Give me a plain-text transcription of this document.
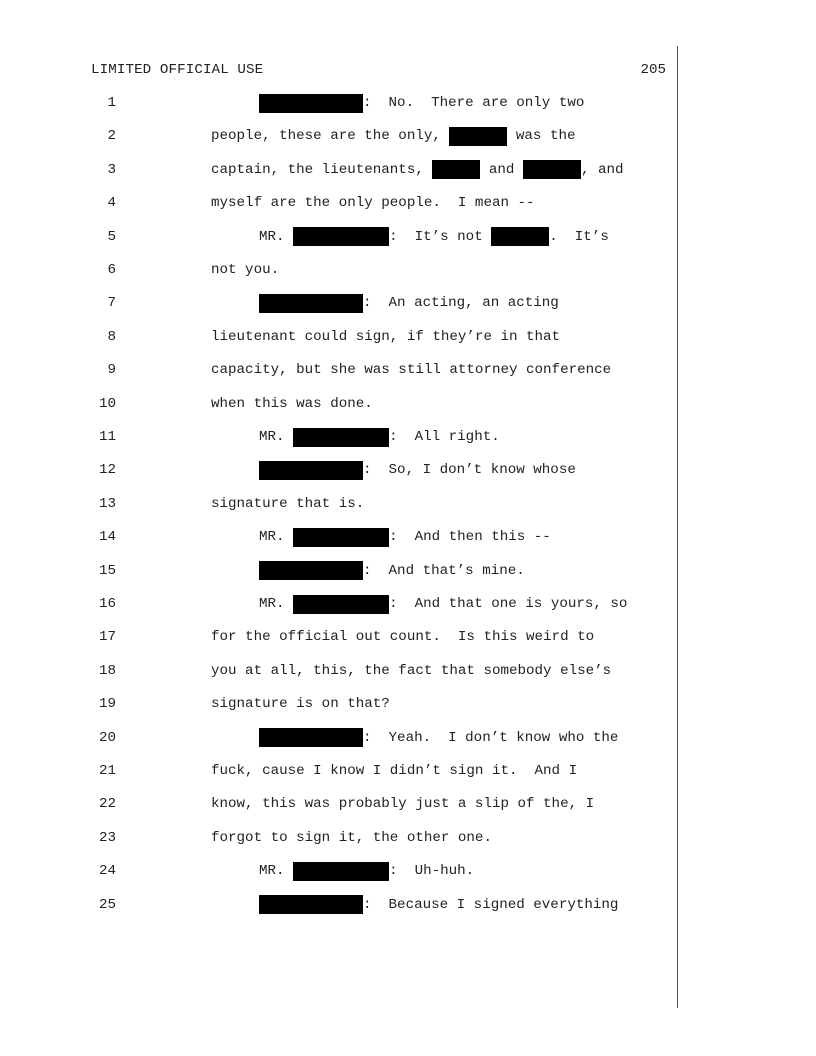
LIMITED OFFICIAL USE	205
1	:  No.  There are only two
2	people, these are the only,	was the
3	captain, the lieutenants,	and	, and
4	myself are the only people.  I mean --
5	MR.	:  It’s not	.  It’s
6	not you.
7	:  An acting, an acting
8	lieutenant could sign, if they’re in that
9	capacity, but she was still attorney conference
10	when this was done.
11	MR.	:  All right.
12	:  So, I don’t know whose
13	signature that is.
14	MR.	:  And then this --
15	:  And that’s mine.
16	MR.	:  And that one is yours, so
17	for the official out count.  Is this weird to
18	you at all, this, the fact that somebody else’s
19	signature is on that?
20	:  Yeah.  I don’t know who the
21	fuck, cause I know I didn’t sign it.  And I
22	know, this was probably just a slip of the, I
23	forgot to sign it, the other one.
24	MR.	:  Uh-huh.
25	:  Because I signed everything
